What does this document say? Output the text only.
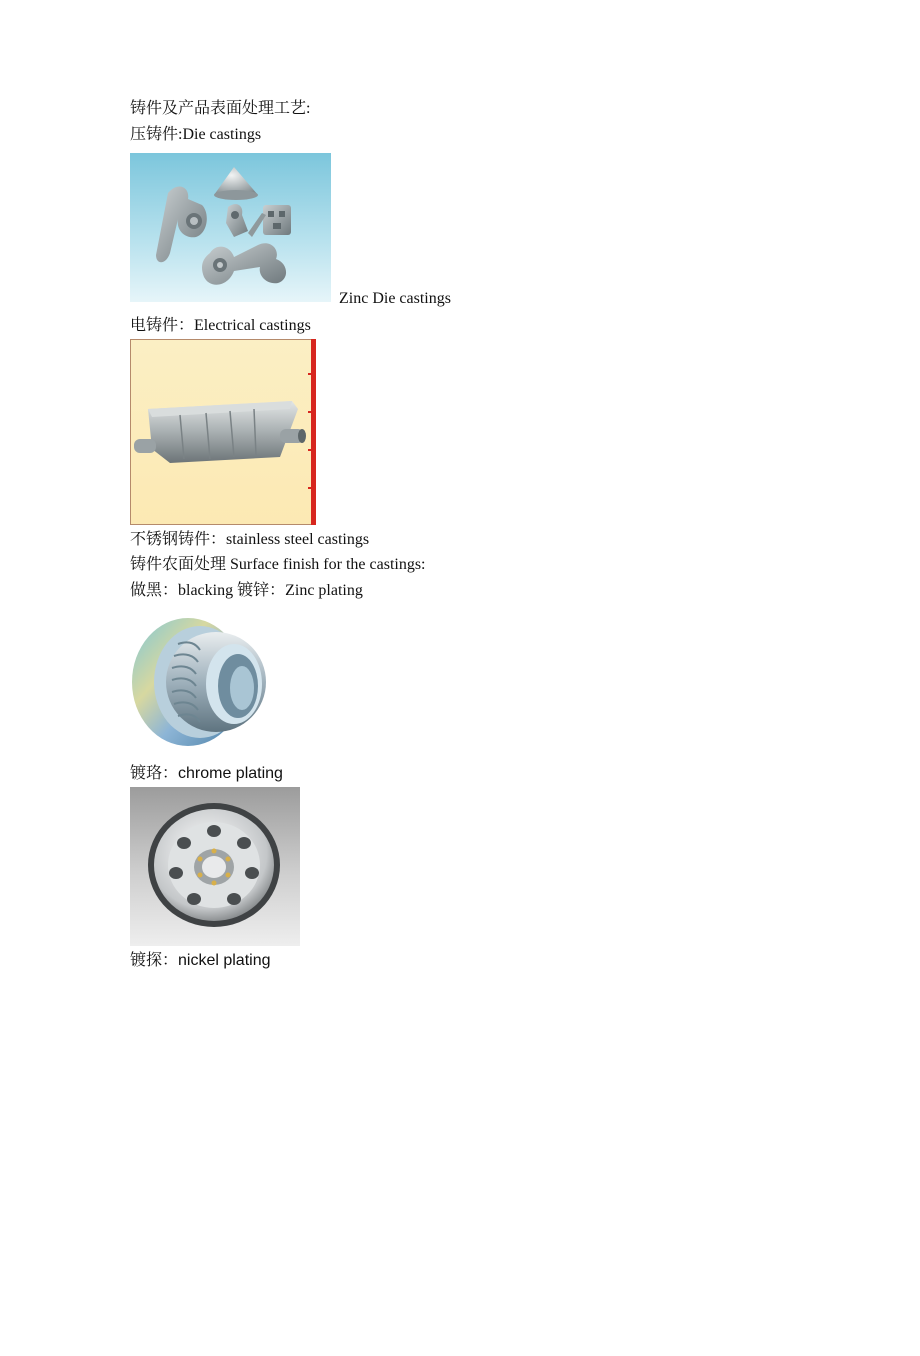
铸件及产品表面处理工艺:
压铸件:Die castings
Zinc Die castings
电铸件：Electrical castings
不锈钢铸件：stainless steel castings
铸件农面处理 Surface finish for the castings:
做黑：blacking 镀锌：Zinc plating
镀珞：chrome plating
镀探：nickel plating
